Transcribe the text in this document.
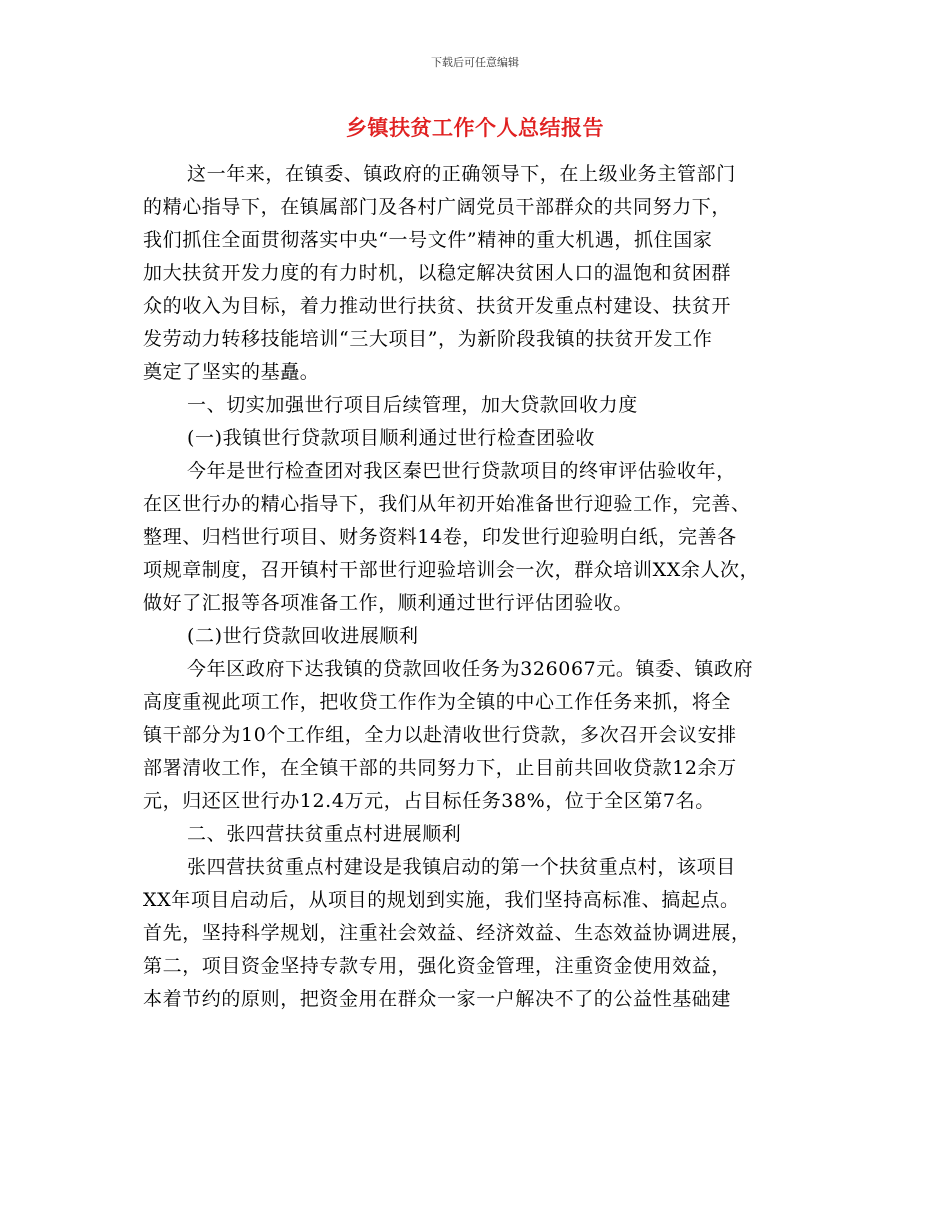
下载后可任意编辑
乡镇扶贫工作个人总结报告
这一年来，在镇委、镇政府的正确领导下，在上级业务主管部门
的精心指导下，在镇属部门及各村广阔党员干部群众的共同努力下，
我们抓住全面贯彻落实中央“一号文件”精神的重大机遇，抓住国家
加大扶贫开发力度的有力时机，以稳定解决贫困人口的温饱和贫困群
众的收入为目标，着力推动世行扶贫、扶贫开发重点村建设、扶贫开
发劳动力转移技能培训“三大项目”，为新阶段我镇的扶贫开发工作
奠定了坚实的基矗。
一、切实加强世行项目后续管理，加大贷款回收力度
(一)我镇世行贷款项目顺利通过世行检查团验收
今年是世行检查团对我区秦巴世行贷款项目的终审评估验收年，
在区世行办的精心指导下，我们从年初开始准备世行迎验工作，完善、
整理、归档世行项目、财务资料14卷，印发世行迎验明白纸，完善各
项规章制度，召开镇村干部世行迎验培训会一次，群众培训XX余人次，
做好了汇报等各项准备工作，顺利通过世行评估团验收。
(二)世行贷款回收进展顺利
今年区政府下达我镇的贷款回收任务为326067元。镇委、镇政府
高度重视此项工作，把收贷工作作为全镇的中心工作任务来抓，将全
镇干部分为10个工作组，全力以赴清收世行贷款，多次召开会议安排
部署清收工作，在全镇干部的共同努力下，止目前共回收贷款12余万
元，归还区世行办12.4万元，占目标任务38%，位于全区第7名。
二、张四营扶贫重点村进展顺利
张四营扶贫重点村建设是我镇启动的第一个扶贫重点村，该项目
XX年项目启动后，从项目的规划到实施，我们坚持高标准、搞起点。
首先，坚持科学规划，注重社会效益、经济效益、生态效益协调进展，
第二，项目资金坚持专款专用，强化资金管理，注重资金使用效益，
本着节约的原则，把资金用在群众一家一户解决不了的公益性基础建
